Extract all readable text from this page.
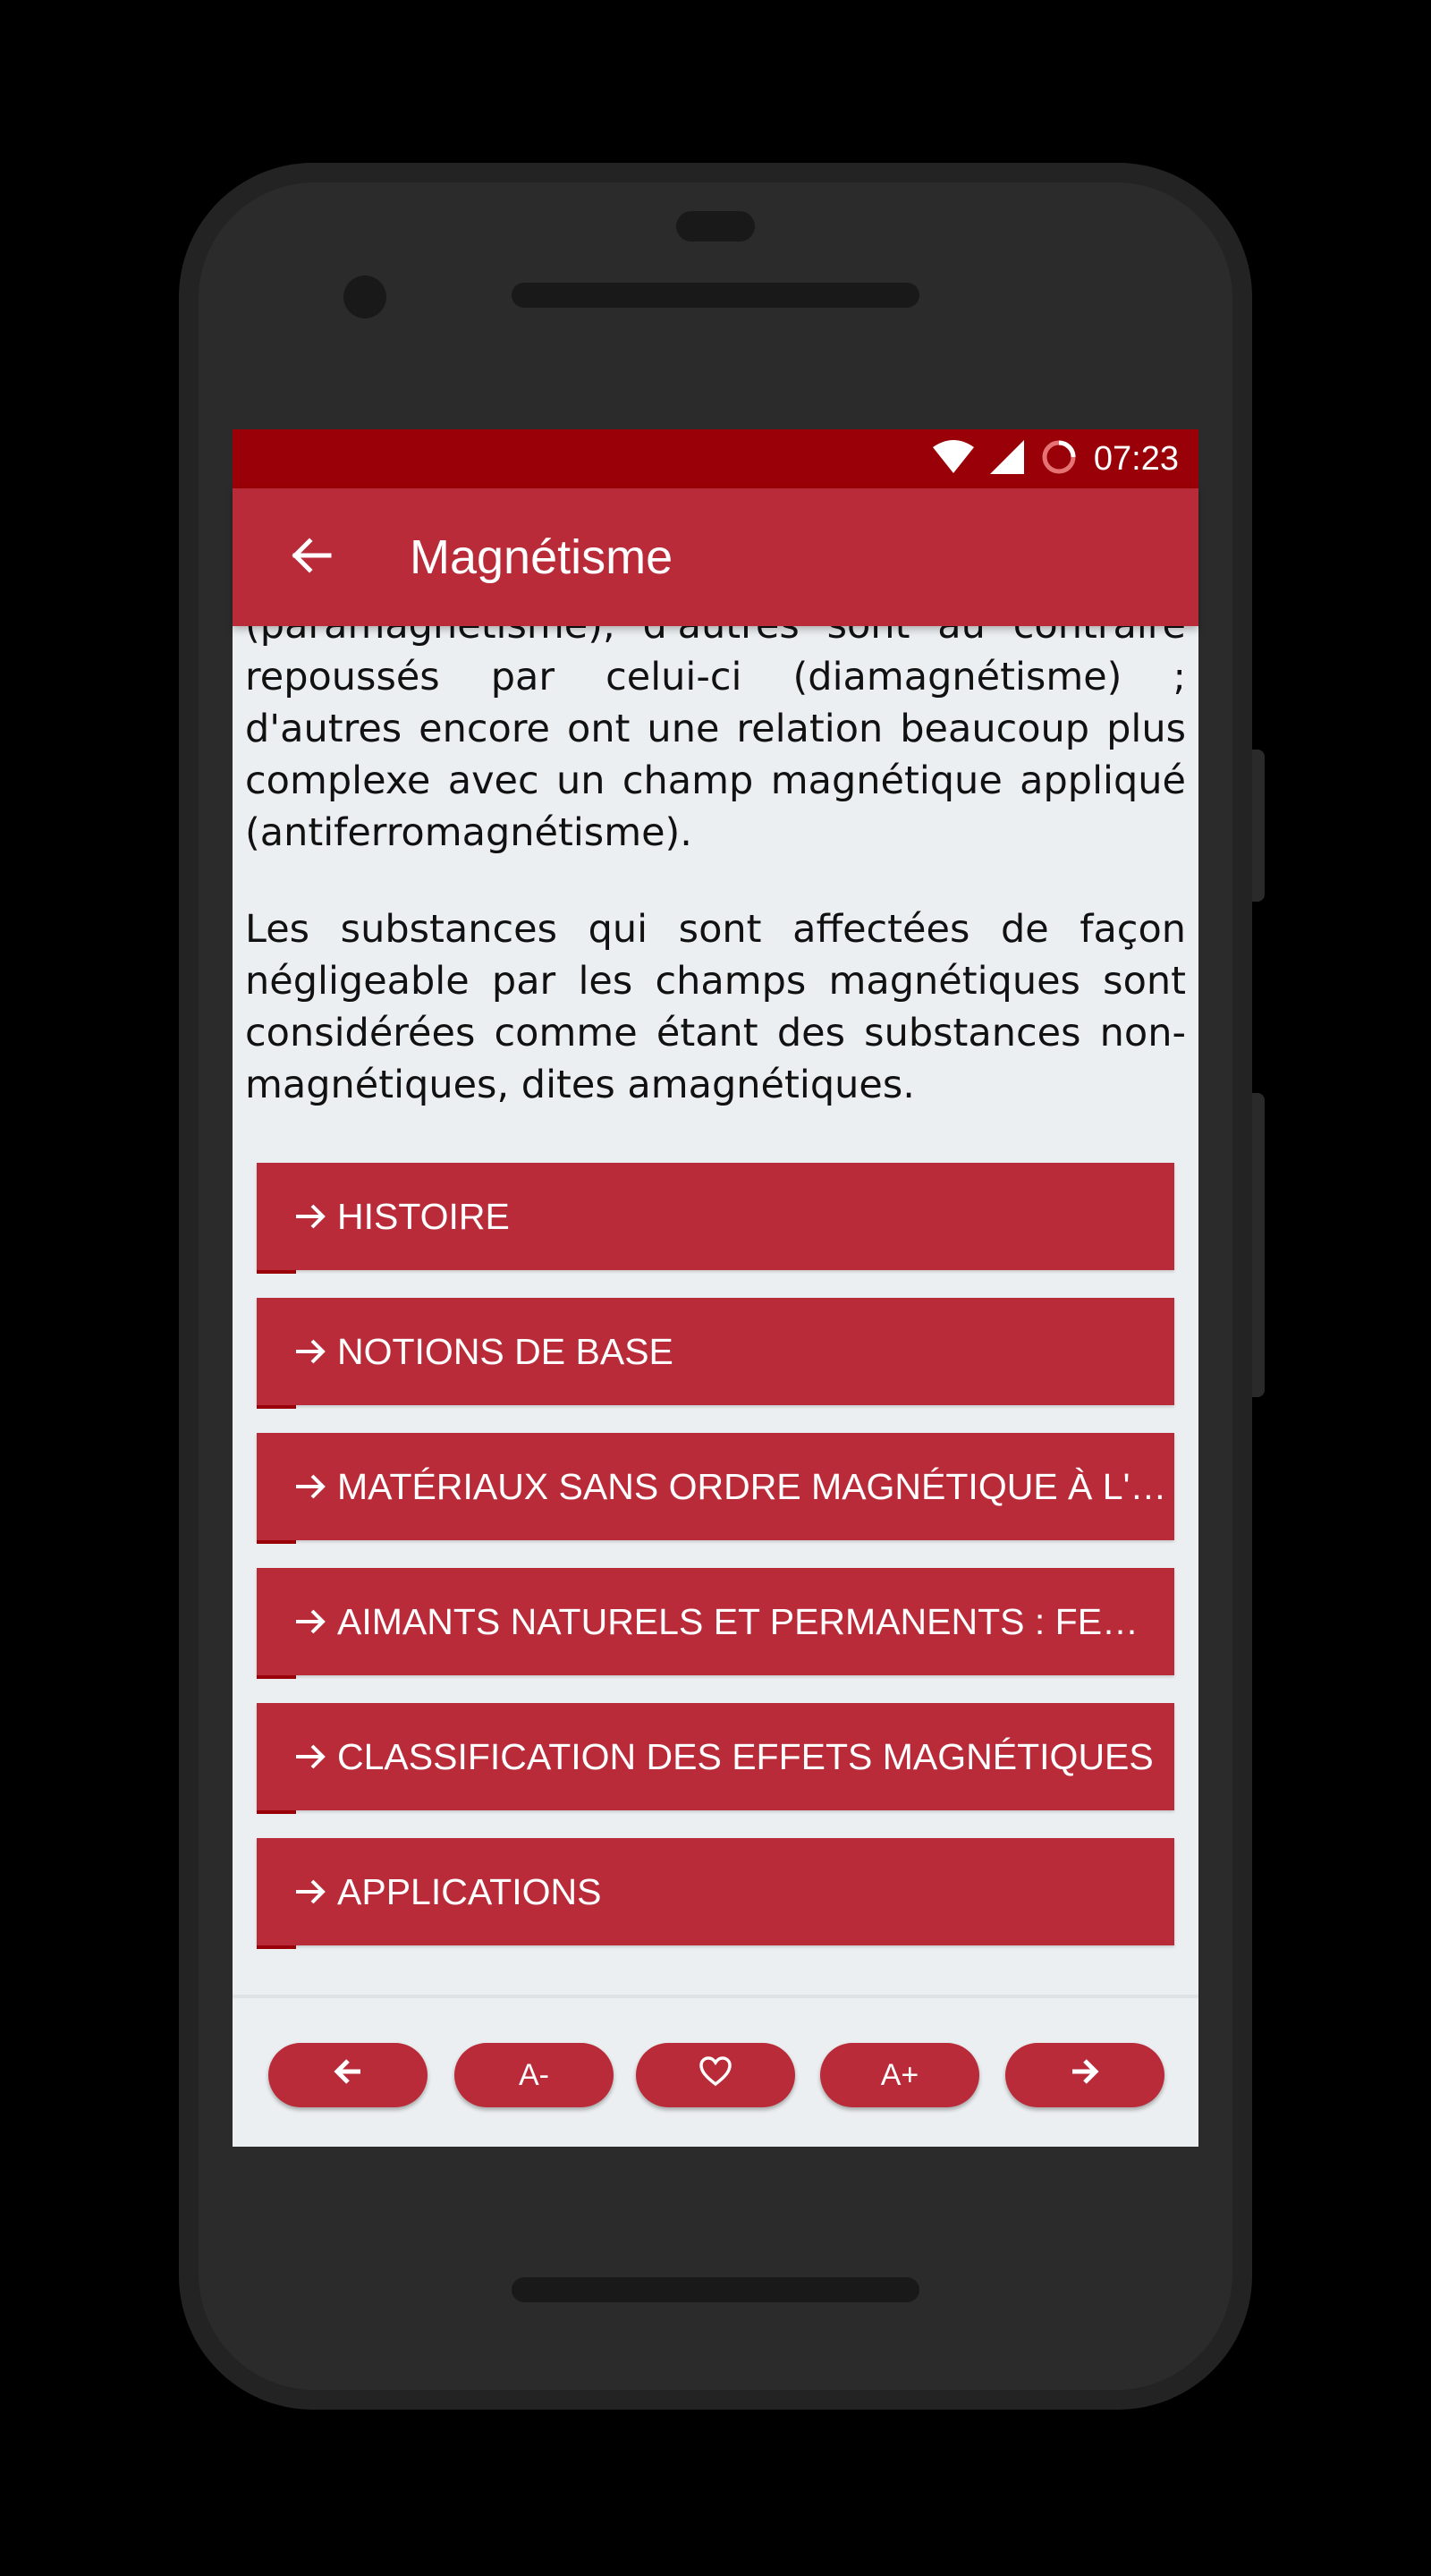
07:23
Magnétisme

repoussés par celui-ci (diamagnétisme) ; d'autres encore ont une relation beaucoup plus complexe avec un champ magnétique appliqué (antiferromagnétisme).

Les substances qui sont affectées de façon négligeable par les champs magnétiques sont considérées comme étant des substances non-magnétiques, dites amagnétiques.

HISTOIRE
NOTIONS DE BASE
MATÉRIAUX SANS ORDRE MAGNÉTIQUE À L'…
AIMANTS NATURELS ET PERMANENTS : FE…
CLASSIFICATION DES EFFETS MAGNÉTIQUES
APPLICATIONS
A-	A+
